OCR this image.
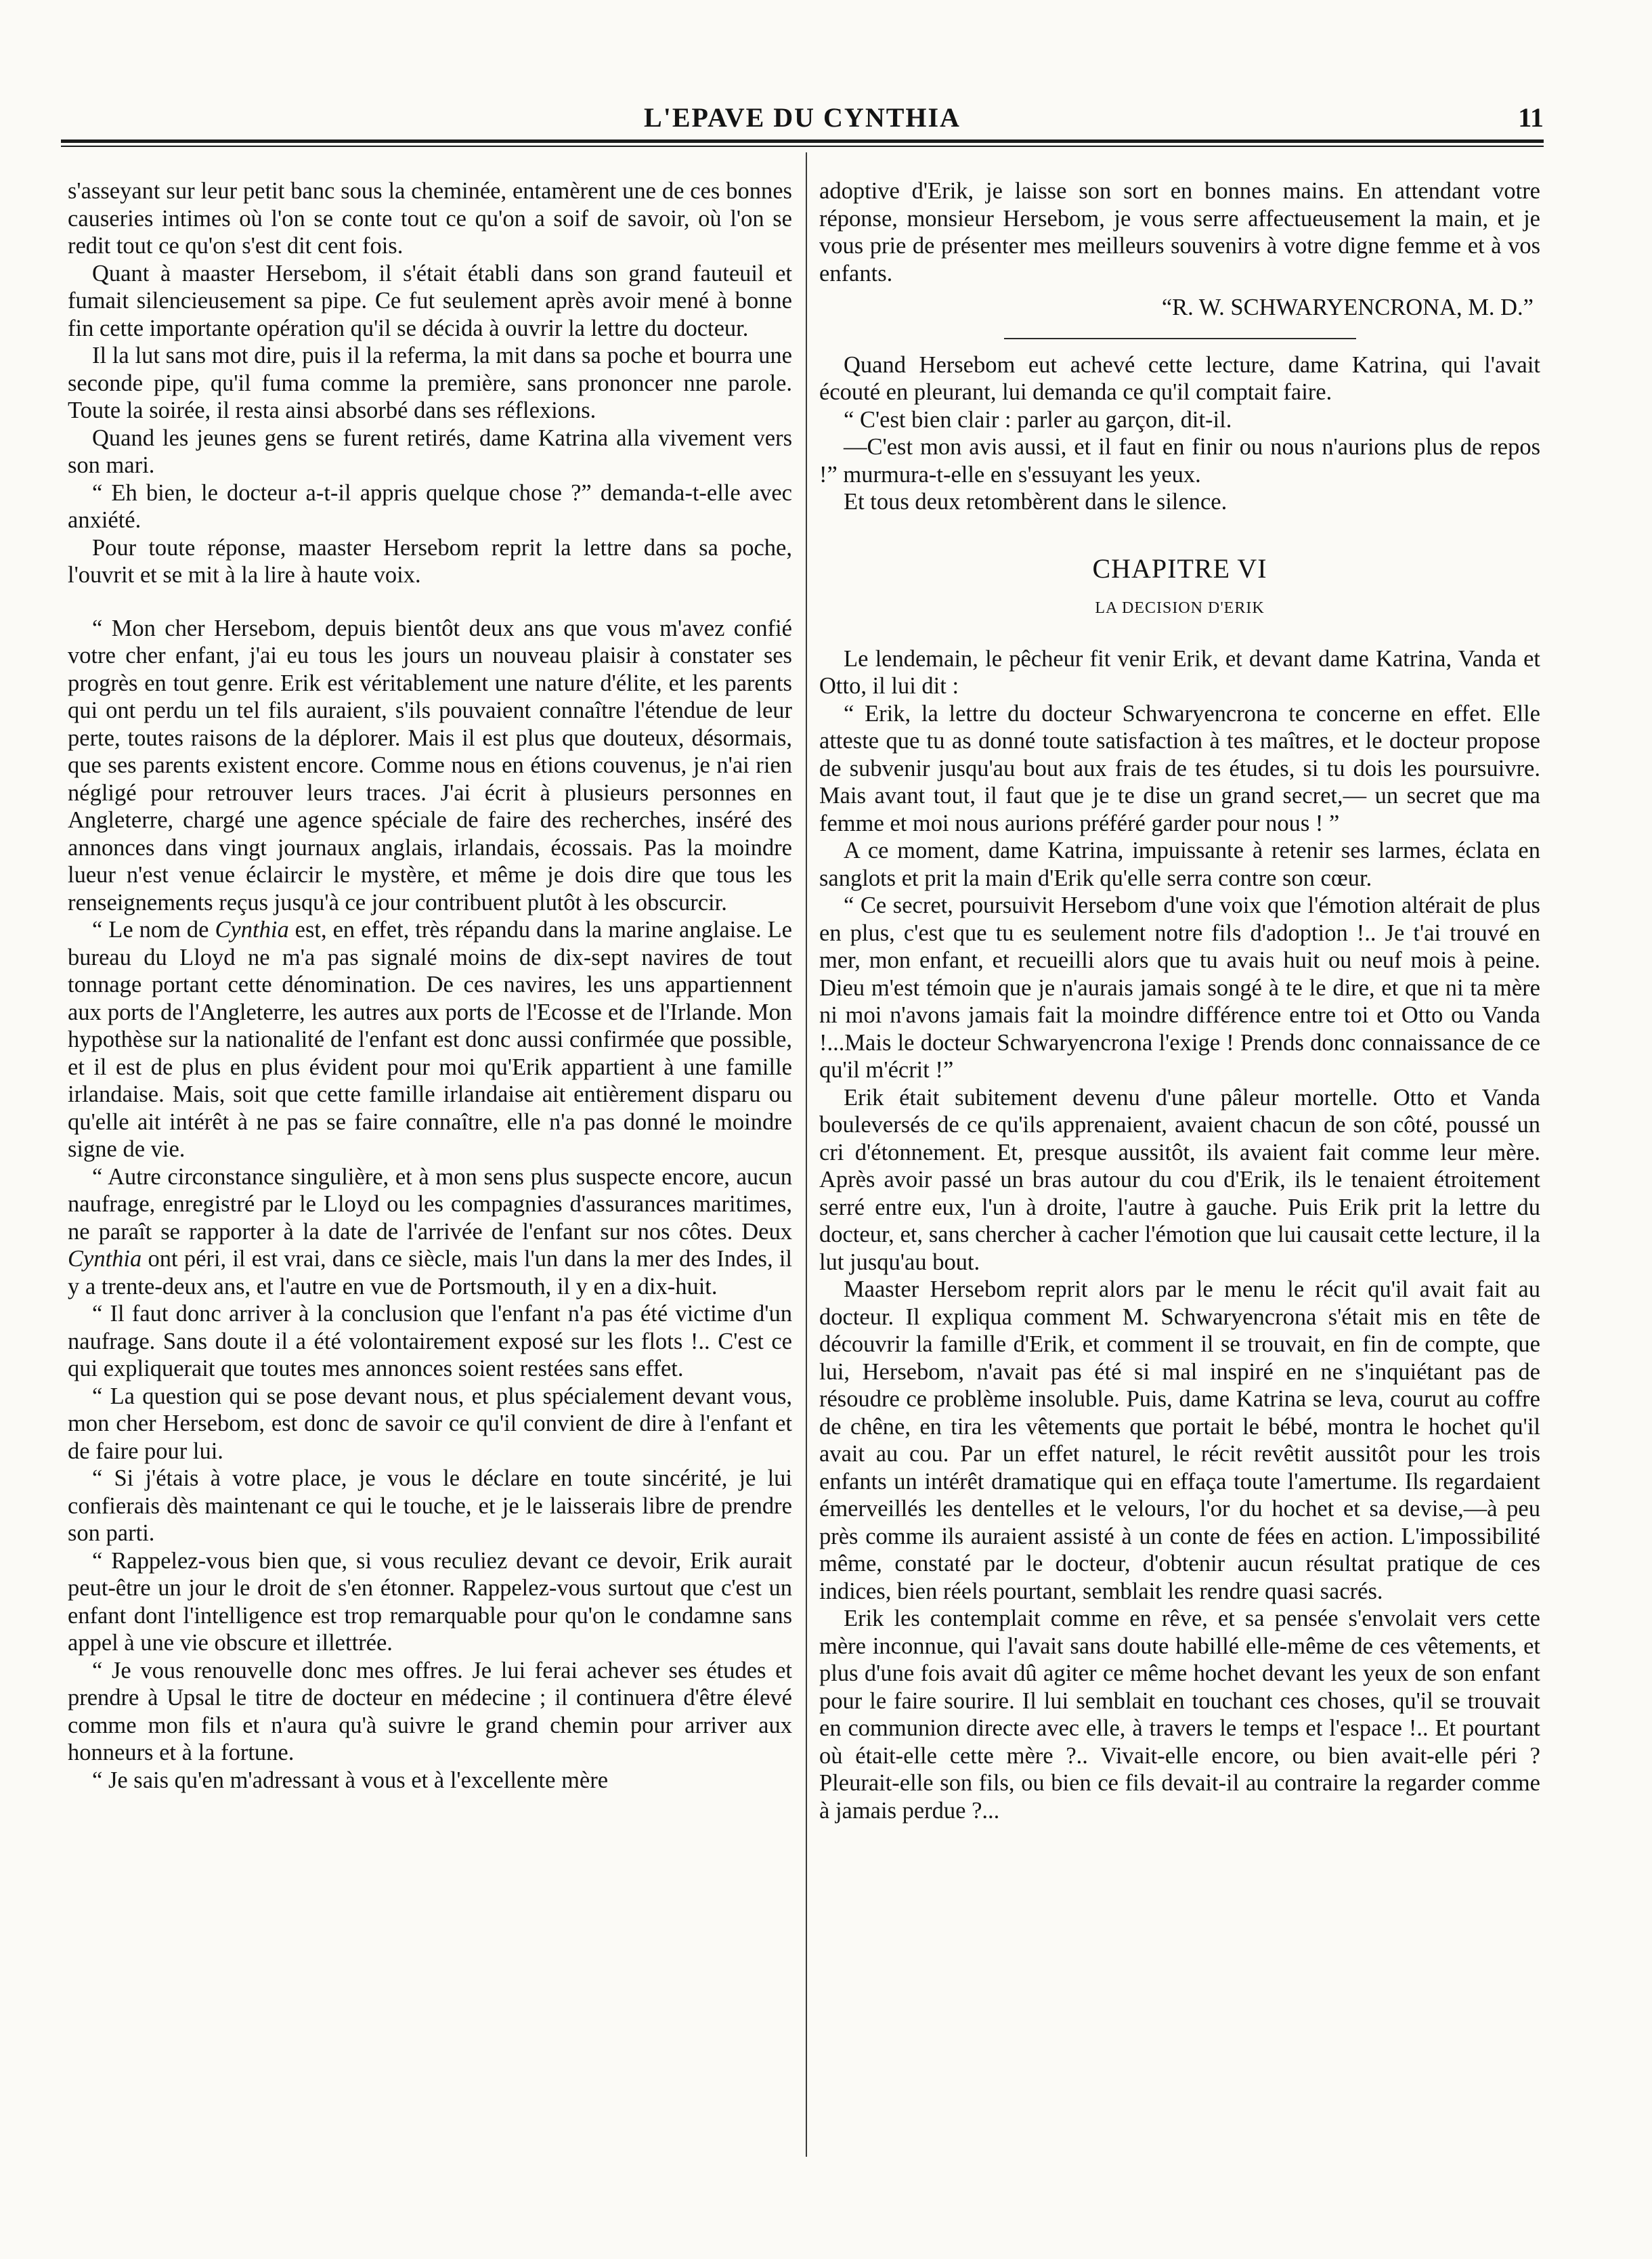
L'EPAVE DU CYNTHIA	11

s'asseyant sur leur petit banc sous la cheminée, entamèrent une de ces bonnes causeries intimes où l'on se conte tout ce qu'on a soif de savoir, où l'on se redit tout ce qu'on s'est dit cent fois.

Quant à maaster Hersebom, il s'était établi dans son grand fauteuil et fumait silencieusement sa pipe. Ce fut seulement après avoir mené à bonne fin cette importante opération qu'il se décida à ouvrir la lettre du docteur.

Il la lut sans mot dire, puis il la referma, la mit dans sa poche et bourra une seconde pipe, qu'il fuma comme la première, sans prononcer nne parole. Toute la soirée, il resta ainsi absorbé dans ses réflexions.

Quand les jeunes gens se furent retirés, dame Katrina alla vivement vers son mari.

“ Eh bien, le docteur a-t-il appris quelque chose ?” demanda-t-elle avec anxiété.

Pour toute réponse, maaster Hersebom reprit la lettre dans sa poche, l'ouvrit et se mit à la lire à haute voix.

“ Mon cher Hersebom, depuis bientôt deux ans que vous m'avez confié votre cher enfant, j'ai eu tous les jours un nouveau plaisir à constater ses progrès en tout genre. Erik est véritablement une nature d'élite, et les parents qui ont perdu un tel fils auraient, s'ils pouvaient connaître l'étendue de leur perte, toutes raisons de la déplorer. Mais il est plus que douteux, désormais, que ses parents existent encore. Comme nous en étions couvenus, je n'ai rien négligé pour retrouver leurs traces. J'ai écrit à plusieurs personnes en Angleterre, chargé une agence spéciale de faire des recherches, inséré des annonces dans vingt journaux anglais, irlandais, écossais. Pas la moindre lueur n'est venue éclaircir le mystère, et même je dois dire que tous les renseignements reçus jusqu'à ce jour contribuent plutôt à les obscurcir.

“ Le nom de Cynthia est, en effet, très répandu dans la marine anglaise. Le bureau du Lloyd ne m'a pas signalé moins de dix-sept navires de tout tonnage portant cette dénomination. De ces navires, les uns appartiennent aux ports de l'Angleterre, les autres aux ports de l'Ecosse et de l'Irlande. Mon hypothèse sur la nationalité de l'enfant est donc aussi confirmée que possible, et il est de plus en plus évident pour moi qu'Erik appartient à une famille irlandaise. Mais, soit que cette famille irlandaise ait entièrement disparu ou qu'elle ait intérêt à ne pas se faire connaître, elle n'a pas donné le moindre signe de vie.

“ Autre circonstance singulière, et à mon sens plus suspecte encore, aucun naufrage, enregistré par le Lloyd ou les compagnies d'assurances maritimes, ne paraît se rapporter à la date de l'arrivée de l'enfant sur nos côtes. Deux Cynthia ont péri, il est vrai, dans ce siècle, mais l'un dans la mer des Indes, il y a trente-deux ans, et l'autre en vue de Portsmouth, il y en a dix-huit.

“ Il faut donc arriver à la conclusion que l'enfant n'a pas été victime d'un naufrage. Sans doute il a été volontairement exposé sur les flots !.. C'est ce qui expliquerait que toutes mes annonces soient restées sans effet.

“ La question qui se pose devant nous, et plus spécialement devant vous, mon cher Hersebom, est donc de savoir ce qu'il convient de dire à l'enfant et de faire pour lui.

“ Si j'étais à votre place, je vous le déclare en toute sincérité, je lui confierais dès maintenant ce qui le touche, et je le laisserais libre de prendre son parti.

“ Rappelez-vous bien que, si vous reculiez devant ce devoir, Erik aurait peut-être un jour le droit de s'en étonner. Rappelez-vous surtout que c'est un enfant dont l'intelligence est trop remarquable pour qu'on le condamne sans appel à une vie obscure et illettrée.

“ Je vous renouvelle donc mes offres. Je lui ferai achever ses études et prendre à Upsal le titre de docteur en médecine ; il continuera d'être élevé comme mon fils et n'aura qu'à suivre le grand chemin pour arriver aux honneurs et à la fortune.

“ Je sais qu'en m'adressant à vous et à l'excellente mère

adoptive d'Erik, je laisse son sort en bonnes mains. En attendant votre réponse, monsieur Hersebom, je vous serre affectueusement la main, et je vous prie de présenter mes meilleurs souvenirs à votre digne femme et à vos enfants.

“R. W. SCHWARYENCRONA, M. D.”

Quand Hersebom eut achevé cette lecture, dame Katrina, qui l'avait écouté en pleurant, lui demanda ce qu'il comptait faire.

“ C'est bien clair : parler au garçon, dit-il.

—C'est mon avis aussi, et il faut en finir ou nous n'aurions plus de repos !” murmura-t-elle en s'essuyant les yeux.

Et tous deux retombèrent dans le silence.

CHAPITRE VI
LA DECISION D'ERIK

Le lendemain, le pêcheur fit venir Erik, et devant dame Katrina, Vanda et Otto, il lui dit :

“ Erik, la lettre du docteur Schwaryencrona te concerne en effet. Elle atteste que tu as donné toute satisfaction à tes maîtres, et le docteur propose de subvenir jusqu'au bout aux frais de tes études, si tu dois les poursuivre. Mais avant tout, il faut que je te dise un grand secret,— un secret que ma femme et moi nous aurions préféré garder pour nous ! ”

A ce moment, dame Katrina, impuissante à retenir ses larmes, éclata en sanglots et prit la main d'Erik qu'elle serra contre son cœur.

“ Ce secret, poursuivit Hersebom d'une voix que l'émotion altérait de plus en plus, c'est que tu es seulement notre fils d'adoption !.. Je t'ai trouvé en mer, mon enfant, et recueilli alors que tu avais huit ou neuf mois à peine. Dieu m'est témoin que je n'aurais jamais songé à te le dire, et que ni ta mère ni moi n'avons jamais fait la moindre différence entre toi et Otto ou Vanda !...Mais le docteur Schwaryencrona l'exige ! Prends donc connaissance de ce qu'il m'écrit !”

Erik était subitement devenu d'une pâleur mortelle. Otto et Vanda bouleversés de ce qu'ils apprenaient, avaient chacun de son côté, poussé un cri d'étonnement. Et, presque aussitôt, ils avaient fait comme leur mère. Après avoir passé un bras autour du cou d'Erik, ils le tenaient étroitement serré entre eux, l'un à droite, l'autre à gauche. Puis Erik prit la lettre du docteur, et, sans chercher à cacher l'émotion que lui causait cette lecture, il la lut jusqu'au bout.

Maaster Hersebom reprit alors par le menu le récit qu'il avait fait au docteur. Il expliqua comment M. Schwaryencrona s'était mis en tête de découvrir la famille d'Erik, et comment il se trouvait, en fin de compte, que lui, Hersebom, n'avait pas été si mal inspiré en ne s'inquiétant pas de résoudre ce problème insoluble. Puis, dame Katrina se leva, courut au coffre de chêne, en tira les vêtements que portait le bébé, montra le hochet qu'il avait au cou. Par un effet naturel, le récit revêtit aussitôt pour les trois enfants un intérêt dramatique qui en effaça toute l'amertume. Ils regardaient émerveillés les dentelles et le velours, l'or du hochet et sa devise,—à peu près comme ils auraient assisté à un conte de fées en action. L'impossibilité même, constaté par le docteur, d'obtenir aucun résultat pratique de ces indices, bien réels pourtant, semblait les rendre quasi sacrés.

Erik les contemplait comme en rêve, et sa pensée s'envolait vers cette mère inconnue, qui l'avait sans doute habillé elle-même de ces vêtements, et plus d'une fois avait dû agiter ce même hochet devant les yeux de son enfant pour le faire sourire. Il lui semblait en touchant ces choses, qu'il se trouvait en communion directe avec elle, à travers le temps et l'espace !.. Et pourtant où était-elle cette mère ?.. Vivait-elle encore, ou bien avait-elle péri ? Pleurait-elle son fils, ou bien ce fils devait-il au contraire la regarder comme à jamais perdue ?...
